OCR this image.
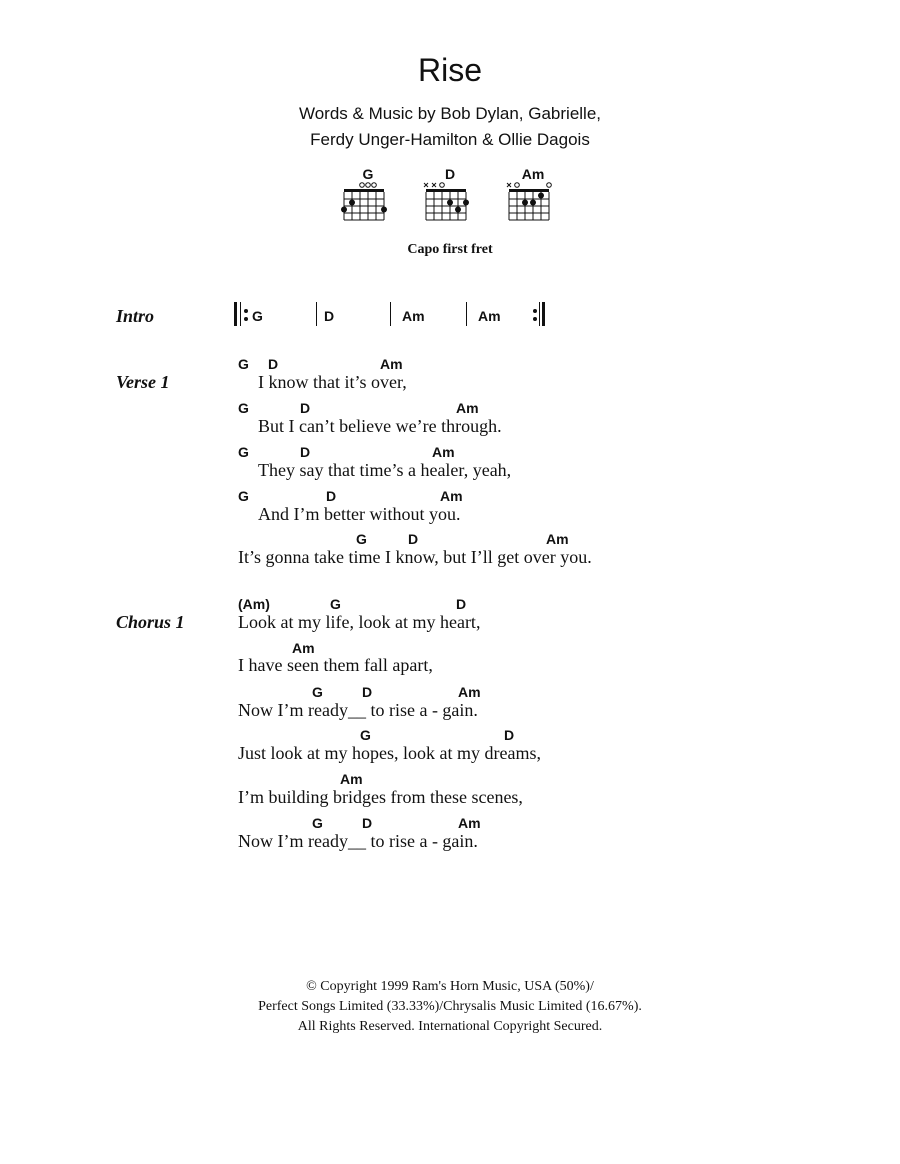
Rise
Words & Music by Bob Dylan, Gabrielle,
Ferdy Unger-Hamilton & Ollie Dagois
G	D	Am
Capo first fret
Intro	G	D	Am	Am
Verse 1
G D	Am
I know that it’s over,
G	D	Am
But I can’t believe we’re through.
G	D	Am
They say that time’s a healer, yeah,
G	D	Am
And I’m better without you.
G	D	Am
It’s gonna take time I know, but I’ll get over you.
Chorus 1
(Am)	G	D
Look at my life, look at my heart,
Am
I have seen them fall apart,
G	D	Am
Now I’m ready__ to rise a - gain.
G	D
Just look at my hopes, look at my dreams,
Am
I’m building bridges from these scenes,
G	D	Am
Now I’m ready__ to rise a - gain.
© Copyright 1999 Ram's Horn Music, USA (50%)/
Perfect Songs Limited (33.33%)/Chrysalis Music Limited (16.67%).
All Rights Reserved. International Copyright Secured.
